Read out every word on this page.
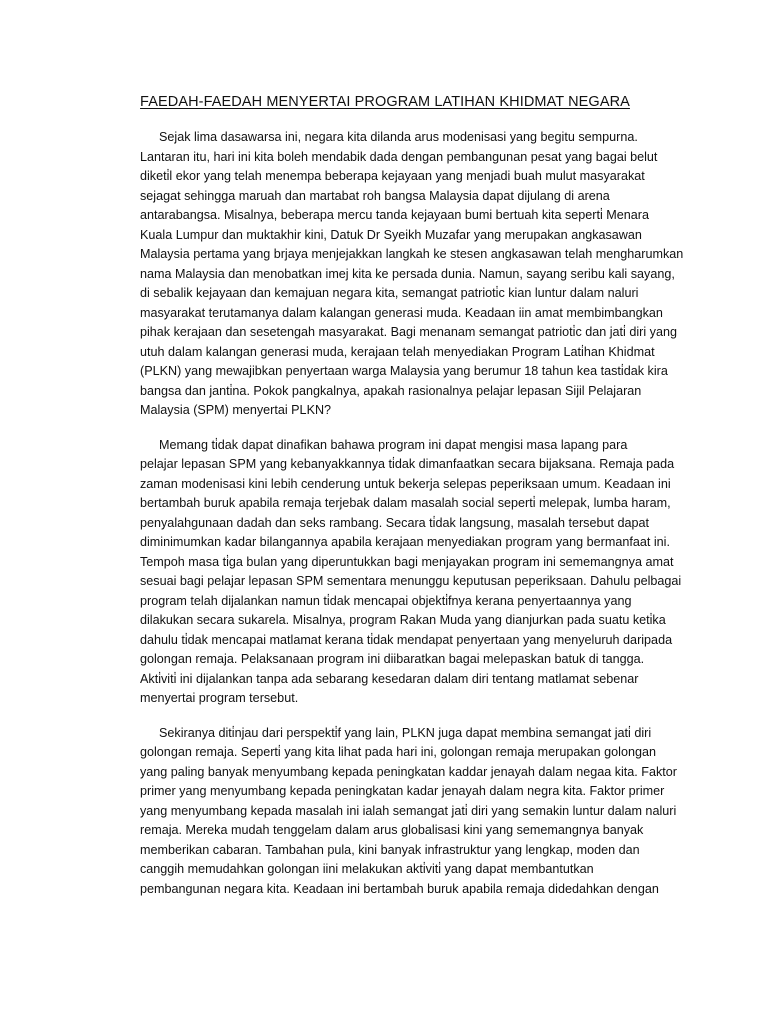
FAEDAH-FAEDAH MENYERTAI PROGRAM LATIHAN KHIDMAT NEGARA
Sejak lima dasawarsa ini, negara kita dilanda arus modenisasi yang begitu sempurna.
Lantaran itu, hari ini kita boleh mendabik dada dengan pembangunan pesat yang bagai belut
diketi̇l ekor yang telah menempa beberapa kejayaan yang menjadi buah mulut masyarakat
sejagat sehingga maruah dan martabat roh bangsa Malaysia dapat dijulang di arena
antarabangsa. Misalnya, beberapa mercu tanda kejayaan bumi bertuah kita seperti̇ Menara
Kuala Lumpur dan muktakhir kini, Datuk Dr Syeikh Muzafar yang merupakan angkasawan
Malaysia pertama yang brjaya menjejakkan langkah ke stesen angkasawan telah mengharumkan
nama Malaysia dan menobatkan imej kita ke persada dunia. Namun, sayang seribu kali sayang,
di sebalik kejayaan dan kemajuan negara kita, semangat patrioti̇c kian luntur dalam naluri
masyarakat terutamanya dalam kalangan generasi muda. Keadaan iin amat membimbangkan
pihak kerajaan dan sesetengah masyarakat. Bagi menanam semangat patrioti̇c dan jati̇ diri yang
utuh dalam kalangan generasi muda, kerajaan telah menyediakan Program Lati̇han Khidmat
(PLKN) yang mewajibkan penyertaan warga Malaysia yang berumur 18 tahun kea tasti̇dak kira
bangsa dan janti̇na. Pokok pangkalnya, apakah rasionalnya pelajar lepasan Sijil Pelajaran
Malaysia (SPM) menyertai PLKN?
Memang ti̇dak dapat dinafikan bahawa program ini dapat mengisi masa lapang para
pelajar lepasan SPM yang kebanyakkannya ti̇dak dimanfaatkan secara bijaksana. Remaja pada
zaman modenisasi kini lebih cenderung untuk bekerja selepas peperiksaan umum. Keadaan ini
bertambah buruk apabila remaja terjebak dalam masalah social seperti̇ melepak, lumba haram,
penyalahgunaan dadah dan seks rambang. Secara ti̇dak langsung, masalah tersebut dapat
diminimumkan kadar bilangannya apabila kerajaan menyediakan program yang bermanfaat ini.
Tempoh masa ti̇ga bulan yang diperuntukkan bagi menjayakan program ini sememangnya amat
sesuai bagi pelajar lepasan SPM sementara menunggu keputusan peperiksaan. Dahulu pelbagai
program telah dijalankan namun ti̇dak mencapai objekti̇fnya kerana penyertaannya yang
dilakukan secara sukarela. Misalnya, program Rakan Muda yang dianjurkan pada suatu keti̇ka
dahulu ti̇dak mencapai matlamat kerana ti̇dak mendapat penyertaan yang menyeluruh daripada
golongan remaja. Pelaksanaan program ini diibaratkan bagai melepaskan batuk di tangga.
Akti̇viti̇ ini dijalankan tanpa ada sebarang kesedaran dalam diri tentang matlamat sebenar
menyertai program tersebut.
Sekiranya diti̇njau dari perspekti̇f yang lain, PLKN juga dapat membina semangat jati̇ diri
golongan remaja. Seperti̇ yang kita lihat pada hari ini, golongan remaja merupakan golongan
yang paling banyak menyumbang kepada peningkatan kaddar jenayah dalam negaa kita. Faktor
primer yang menyumbang kepada peningkatan kadar jenayah dalam negra kita. Faktor primer
yang menyumbang kepada masalah ini ialah semangat jati̇ diri yang semakin luntur dalam naluri
remaja. Mereka mudah tenggelam dalam arus globalisasi kini yang sememangnya banyak
memberikan cabaran. Tambahan pula, kini banyak infrastruktur yang lengkap, moden dan
canggih memudahkan golongan iini melakukan akti̇viti̇ yang dapat membantutkan
pembangunan negara kita. Keadaan ini bertambah buruk apabila remaja didedahkan dengan
